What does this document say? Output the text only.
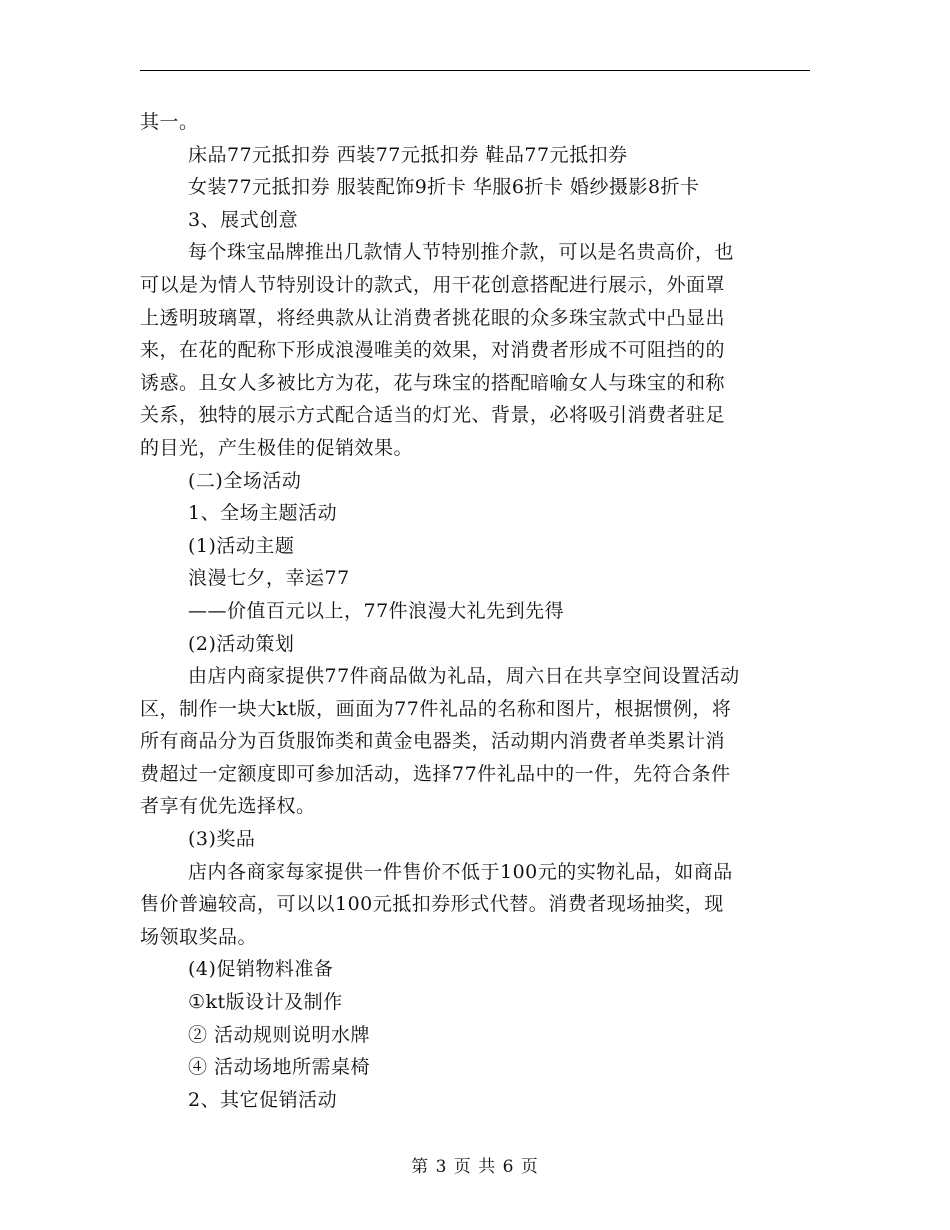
其一。
床品77元抵扣券 西装77元抵扣券 鞋品77元抵扣券
女装77元抵扣券 服装配饰9折卡 华服6折卡 婚纱摄影8折卡
3、展式创意
每个珠宝品牌推出几款情人节特别推介款，可以是名贵高价，也
可以是为情人节特别设计的款式，用干花创意搭配进行展示，外面罩
上透明玻璃罩，将经典款从让消费者挑花眼的众多珠宝款式中凸显出
来，在花的配称下形成浪漫唯美的效果，对消费者形成不可阻挡的的
诱惑。且女人多被比方为花，花与珠宝的搭配暗喻女人与珠宝的和称
关系，独特的展示方式配合适当的灯光、背景，必将吸引消费者驻足
的目光，产生极佳的促销效果。
(二)全场活动
1、全场主题活动
(1)活动主题
浪漫七夕，幸运77
——价值百元以上，77件浪漫大礼先到先得
(2)活动策划
由店内商家提供77件商品做为礼品，周六日在共享空间设置活动
区，制作一块大kt版，画面为77件礼品的名称和图片，根据惯例，将
所有商品分为百货服饰类和黄金电器类，活动期内消费者单类累计消
费超过一定额度即可参加活动，选择77件礼品中的一件，先符合条件
者享有优先选择权。
(3)奖品
店内各商家每家提供一件售价不低于100元的实物礼品，如商品
售价普遍较高，可以以100元抵扣券形式代替。消费者现场抽奖，现
场领取奖品。
(4)促销物料准备
①kt版设计及制作
② 活动规则说明水牌
④ 活动场地所需桌椅
2、其它促销活动
第 3 页 共 6 页
